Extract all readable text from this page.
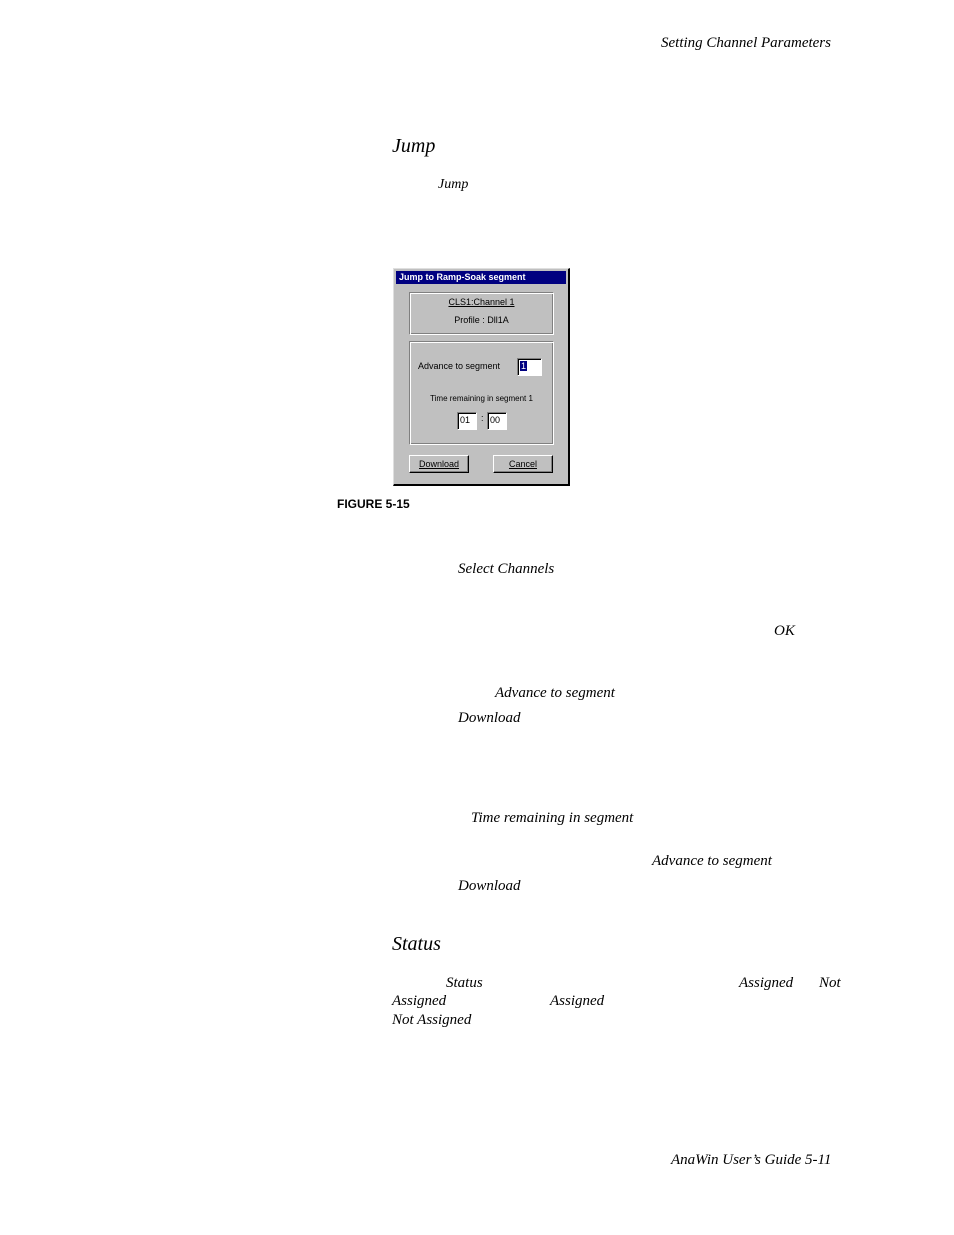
Setting Channel Parameters
Jump
Jump
Jump to Ramp-Soak segment
CLS1:Channel 1
Profile : Dll1A
Advance to segment	1
Time remaining in segment 1
01	: 00
Download	Cancel
FIGURE 5-15
Select Channels
OK
Advance to segment
Download
Time remaining in segment
Advance to segment
Download
Status
Status	Assigned Not
Assigned	Assigned
Not Assigned
AnaWin User’s Guide 5-11
